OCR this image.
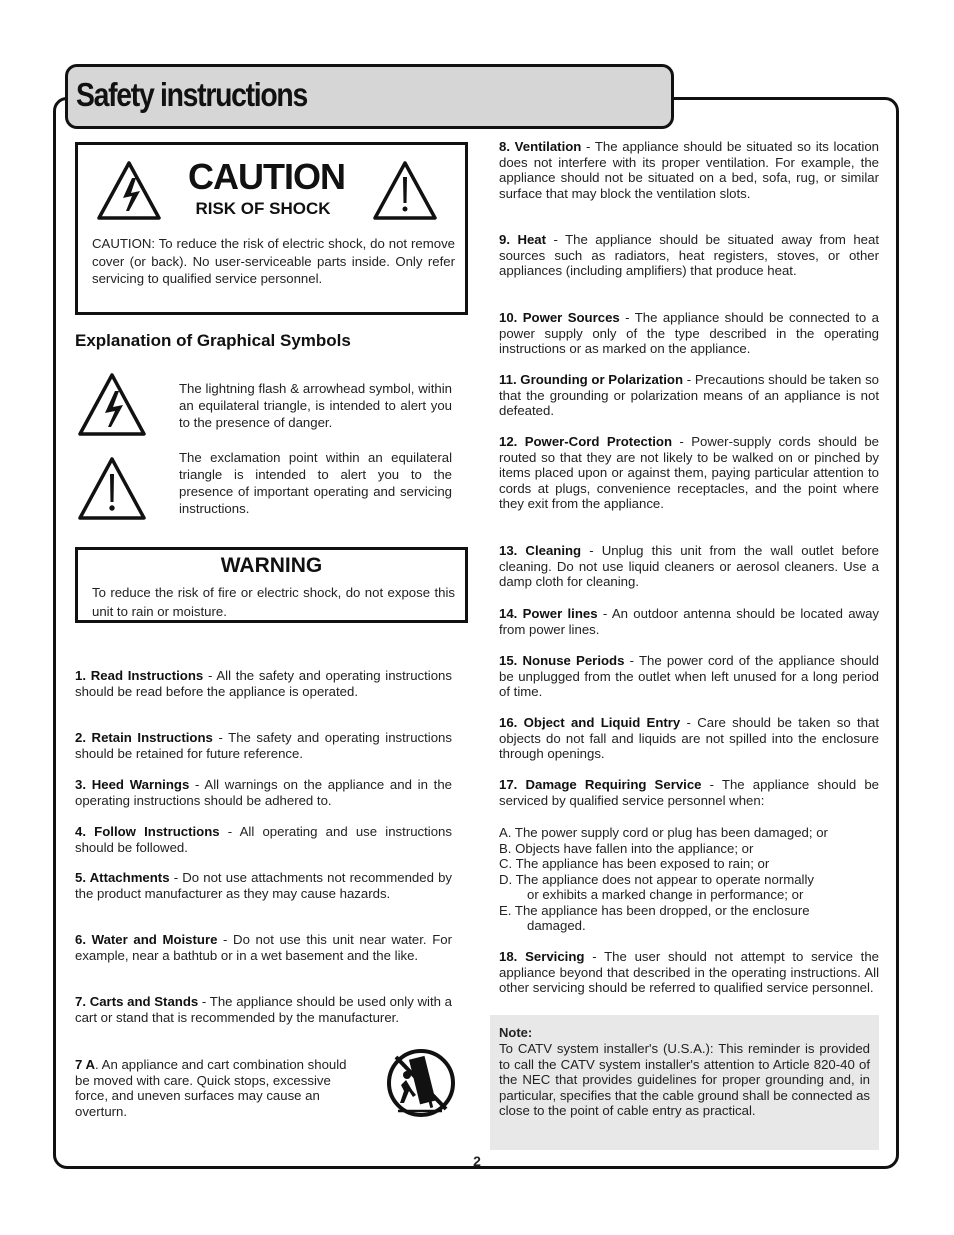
Safety instructions
CAUTION
RISK OF SHOCK
CAUTION: To reduce the risk of electric shock, do not remove cover (or back). No user-serviceable parts inside. Only refer servicing to qualified service personnel.
Explanation of Graphical Symbols
The lightning flash & arrowhead symbol, within an equilateral triangle, is intended to alert you to the presence of danger.
The exclamation point within an equilateral triangle is intended to alert you to the presence of important operating and servicing instructions.
WARNING
To reduce the risk of fire or electric shock, do not expose this unit to rain or moisture.

1. Read Instructions - All the safety and operating instructions should be read before the appliance is operated.

2. Retain Instructions - The safety and operating instructions should be retained for future reference.

3. Heed Warnings - All warnings on the appliance and in the operating instructions should be adhered to.

4. Follow Instructions - All operating and use instructions should be followed.

5. Attachments - Do not use attachments not recommended by the product manufacturer as they may cause hazards.

6. Water and Moisture - Do not use this unit near water. For example, near a bathtub or in a wet basement and the like.

7. Carts and Stands - The appliance should be used only with a cart or stand that is recommended by the manufacturer.

7 A. An appliance and cart combination should be moved with care. Quick stops, excessive force, and uneven surfaces may cause an overturn.

8. Ventilation - The appliance should be situated so its location does not interfere with its proper ventilation. For example, the appliance should not be situated on a bed, sofa, rug, or similar surface that may block the ventilation slots.

9. Heat - The appliance should be situated away from heat sources such as radiators, heat registers, stoves, or other appliances (including amplifiers) that produce heat.

10. Power Sources - The appliance should be connected to a power supply only of the type described in the operating instructions or as marked on the appliance.

11. Grounding or Polarization - Precautions should be taken so that the grounding or polarization means of an appliance is not defeated.

12. Power-Cord Protection - Power-supply cords should be routed so that they are not likely to be walked on or pinched by items placed upon or against them, paying particular attention to cords at plugs, convenience receptacles, and the point where they exit from the appliance.

13. Cleaning - Unplug this unit from the wall outlet before cleaning. Do not use liquid cleaners or aerosol cleaners. Use a damp cloth for cleaning.

14. Power lines - An outdoor antenna should be located away from power lines.

15. Nonuse Periods - The power cord of the appliance should be unplugged from the outlet when left unused for a long period of time.

16. Object and Liquid Entry - Care should be taken so that objects do not fall and liquids are not spilled into the enclosure through openings.

17. Damage Requiring Service - The appliance should be serviced by qualified service personnel when:

18. Servicing - The user should not attempt to service the appliance beyond that described in the operating instructions. All other servicing should be referred to qualified service personnel.

A. The power supply cord or plug has been damaged; or
B. Objects have fallen into the appliance; or
C. The appliance has been exposed to rain; or
D. The appliance does not appear to operate normally
or exhibits a marked change in performance; or
E. The appliance has been dropped, or the enclosure
damaged.
Note:
To CATV system installer's (U.S.A.): This reminder is provided to call the CATV system installer's attention to Article 820-40 of the NEC that provides guidelines for proper grounding and, in particular, specifies that the cable ground shall be connected as close to the point of cable entry as practical.
2
